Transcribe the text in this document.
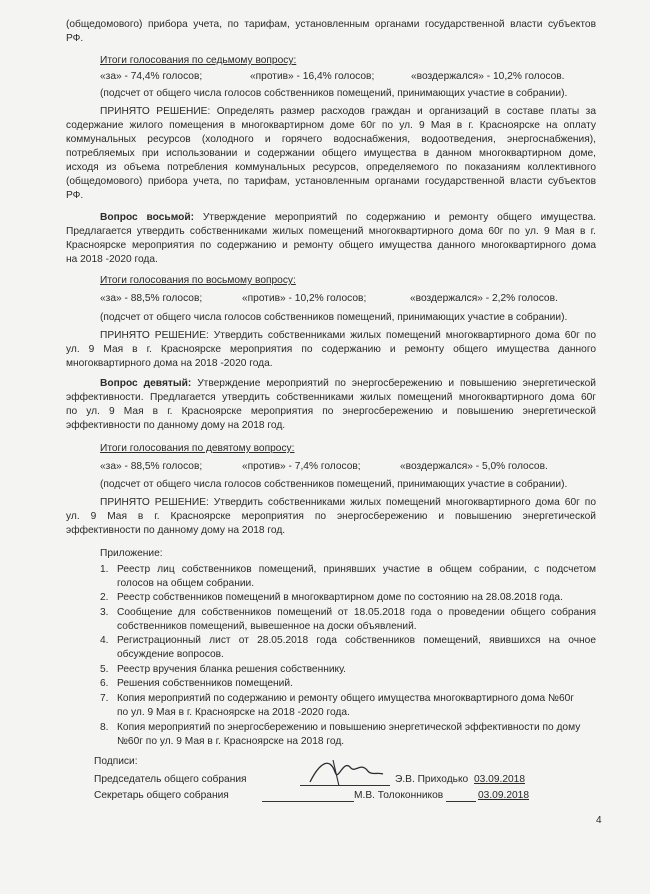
(общедомового) прибора учета, по тарифам, установленным органами государственной власти субъектов
РФ.
Итоги голосования по седьмому вопросу:
«за» - 74,4% голосов;	«против» - 16,4% голосов;	«воздержался» - 10,2% голосов.
(подсчет от общего числа голосов собственников помещений, принимающих участие в собрании).
ПРИНЯТО РЕШЕНИЕ: Определять размер расходов граждан и организаций в составе платы за
содержание жилого помещения в многоквартирном доме 60г по ул. 9 Мая в г. Красноярске на оплату
коммунальных ресурсов (холодного и горячего водоснабжения, водоотведения, энергоснабжения),
потребляемых при использовании и содержании общего имущества в данном многоквартирном доме,
исходя из объема потребления коммунальных ресурсов, определяемого по показаниям коллективного
(общедомового) прибора учета, по тарифам, установленным органами государственной власти субъектов
РФ.
Вопрос восьмой: Утверждение мероприятий по содержанию и ремонту общего имущества.
Предлагается утвердить собственниками жилых помещений многоквартирного дома 60г по ул. 9 Мая в г.
Красноярске мероприятия по содержанию и ремонту общего имущества данного многоквартирного дома
на 2018 -2020 года.
Итоги голосования по восьмому вопросу:
«за» - 88,5% голосов;	«против» - 10,2% голосов;	«воздержался» - 2,2% голосов.
(подсчет от общего числа голосов собственников помещений, принимающих участие в собрании).
ПРИНЯТО РЕШЕНИЕ: Утвердить собственниками жилых помещений многоквартирного дома 60г по
ул. 9 Мая в г. Красноярске мероприятия по содержанию и ремонту общего имущества данного
многоквартирного дома на 2018 -2020 года.
Вопрос девятый: Утверждение мероприятий по энергосбережению и повышению энергетической
эффективности. Предлагается утвердить собственниками жилых помещений многоквартирного дома 60г
по ул. 9 Мая в г. Красноярске мероприятия по энергосбережению и повышению энергетической
эффективности по данному дому на 2018 год.
Итоги голосования по девятому вопросу:
«за» - 88,5% голосов;	«против» - 7,4% голосов;	«воздержался» - 5,0% голосов.
(подсчет от общего числа голосов собственников помещений, принимающих участие в собрании).
ПРИНЯТО РЕШЕНИЕ: Утвердить собственниками жилых помещений многоквартирного дома 60г по
ул. 9 Мая в г. Красноярске мероприятия по энергосбережению и повышению энергетической
эффективности по данному дому на 2018 год.
Приложение:
1. Реестр лиц собственников помещений, принявших участие в общем собрании, с подсчетом
голосов на общем собрании.
2. Реестр собственников помещений в многоквартирном доме по состоянию на 28.08.2018 года.
3. Сообщение для собственников помещений от 18.05.2018 года о проведении общего собрания
собственников помещений, вывешенное на доски объявлений.
4. Регистрационный лист от 28.05.2018 года собственников помещений, явившихся на очное
обсуждение вопросов.
5. Реестр вручения бланка решения собственнику.
6. Решения собственников помещений.
7. Копия мероприятий по содержанию и ремонту общего имущества многоквартирного дома №60г
по ул. 9 Мая в г. Красноярске на 2018 -2020 года.
8. Копия мероприятий по энергосбережению и повышению энергетической эффективности по дому
№60г по ул. 9 Мая в г. Красноярске на 2018 год.
Подписи:
Председатель общего собрания	Э.В. Приходько 03.09.2018
Секретарь общего собрания	М.В. Толоконников	03.09.2018
4
